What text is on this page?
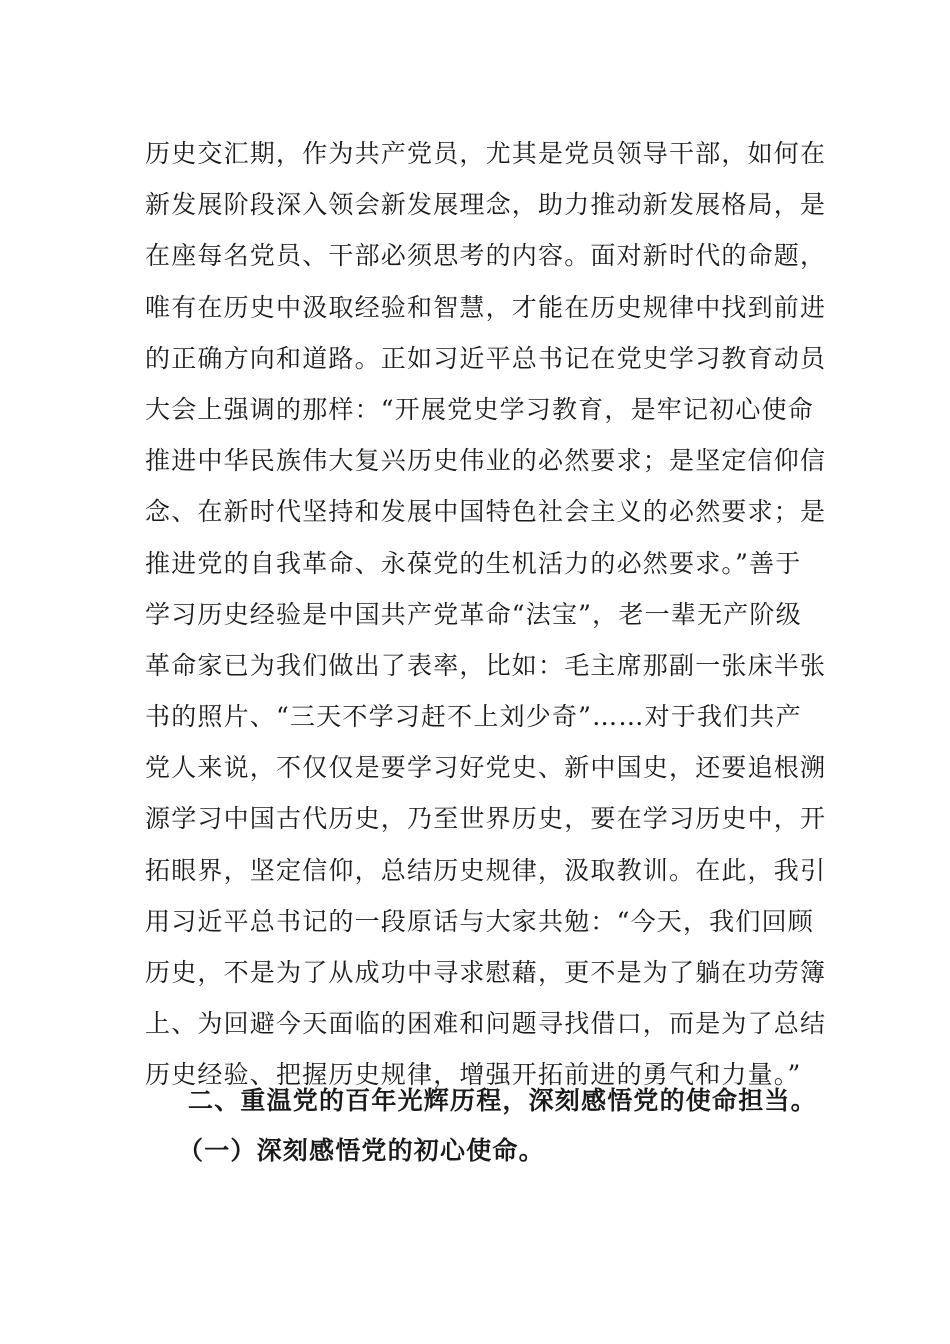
历史交汇期，作为共产党员，尤其是党员领导干部，如何在
新发展阶段深入领会新发展理念，助力推动新发展格局，是
在座每名党员、干部必须思考的内容。面对新时代的命题，
唯有在历史中汲取经验和智慧，才能在历史规律中找到前进
的正确方向和道路。正如习近平总书记在党史学习教育动员
大会上强调的那样：“开展党史学习教育，是牢记初心使命
推进中华民族伟大复兴历史伟业的必然要求；是坚定信仰信
念、在新时代坚持和发展中国特色社会主义的必然要求；是
推进党的自我革命、永葆党的生机活力的必然要求。”善于
学习历史经验是中国共产党革命“法宝”，老一辈无产阶级
革命家已为我们做出了表率，比如：毛主席那副一张床半张
书的照片、“三天不学习赶不上刘少奇”……对于我们共产
党人来说，不仅仅是要学习好党史、新中国史，还要追根溯
源学习中国古代历史，乃至世界历史，要在学习历史中，开
拓眼界，坚定信仰，总结历史规律，汲取教训。在此，我引
用习近平总书记的一段原话与大家共勉：“今天，我们回顾
历史，不是为了从成功中寻求慰藉，更不是为了躺在功劳簿
上、为回避今天面临的困难和问题寻找借口，而是为了总结
历史经验、把握历史规律，增强开拓前进的勇气和力量。”
二、重温党的百年光辉历程，深刻感悟党的使命担当。
（一）深刻感悟党的初心使命。
